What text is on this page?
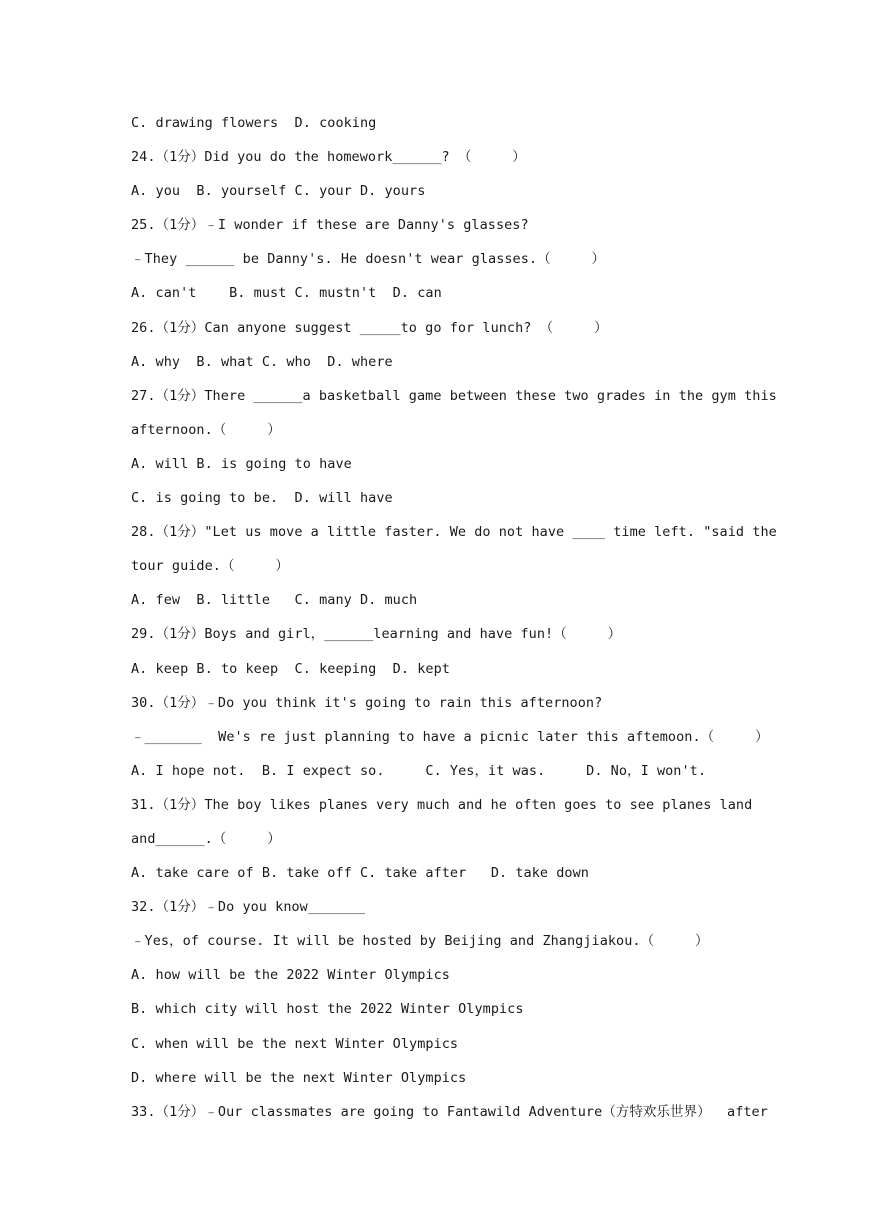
C. drawing flowers  D. cooking
24.（1分）Did you do the homework______? （     ）
A. you  B. yourself C. your D. yours
25.（1分）﹣I wonder if these are Danny's glasses?
﹣They ______ be Danny's. He doesn't wear glasses.（     ）
A. can't    B. must C. mustn't  D. can
26.（1分）Can anyone suggest _____to go for lunch? （     ）
A. why  B. what C. who  D. where
27.（1分）There ______a basketball game between these two grades in the gym this
afternoon.（     ）
A. will B. is going to have
C. is going to be.  D. will have
28.（1分）"Let us move a little faster. We do not have ____ time left. "said the
tour guide.（     ）
A. few  B. little   C. many D. much
29.（1分）Boys and girl，______learning and have fun!（     ）
A. keep B. to keep  C. keeping  D. kept
30.（1分）﹣Do you think it's going to rain this afternoon?
﹣_______  We's re just planning to have a picnic later this aftemoon.（     ）
A. I hope not.  B. I expect so.     C. Yes，it was.     D. No，I won't.
31.（1分）The boy likes planes very much and he often goes to see planes land
and______.（     ）
A. take care of B. take off C. take after   D. take down
32.（1分）﹣Do you know_______
﹣Yes，of course. It will be hosted by Beijing and Zhangjiakou.（     ）
A. how will be the 2022 Winter Olympics
B. which city will host the 2022 Winter Olympics
C. when will be the next Winter Olympics
D. where will be the next Winter Olympics
33.（1分）﹣Our classmates are going to Fantawild Adventure（方特欢乐世界）  after
